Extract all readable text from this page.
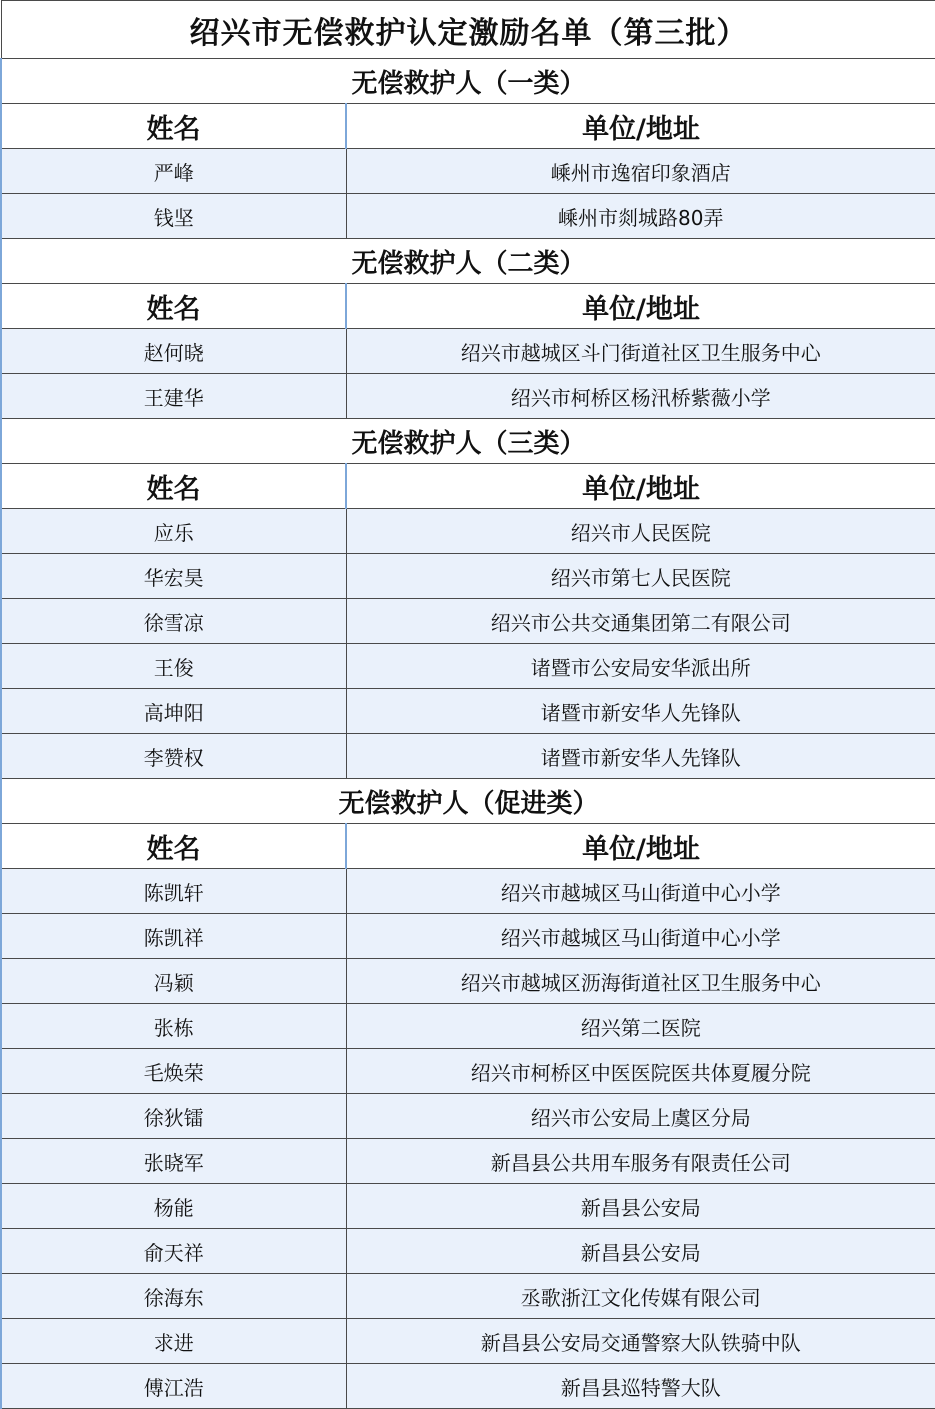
绍兴市无偿救护认定激励名单（第三批）	
无偿救护人（一类）	
姓名	单位/地址
严峰	嵊州市逸宿印象酒店
钱坚	嵊州市剡城路80弄
无偿救护人（二类）	
姓名	单位/地址
赵何晓	绍兴市越城区斗门街道社区卫生服务中心
王建华	绍兴市柯桥区杨汛桥紫薇小学
无偿救护人（三类）	
姓名	单位/地址
应乐	绍兴市人民医院
华宏昊	绍兴市第七人民医院
徐雪凉	绍兴市公共交通集团第二有限公司
王俊	诸暨市公安局安华派出所
高坤阳	诸暨市新安华人先锋队
李赞权	诸暨市新安华人先锋队
无偿救护人（促进类）	
姓名	单位/地址
陈凯轩	绍兴市越城区马山街道中心小学
陈凯祥	绍兴市越城区马山街道中心小学
冯颖	绍兴市越城区沥海街道社区卫生服务中心
张栋	绍兴第二医院
毛焕荣	绍兴市柯桥区中医医院医共体夏履分院
徐狄镭	绍兴市公安局上虞区分局
张晓军	新昌县公共用车服务有限责任公司
杨能	新昌县公安局
俞天祥	新昌县公安局
徐海东	丞歌浙江文化传媒有限公司
求进	新昌县公安局交通警察大队铁骑中队
傅江浩	新昌县巡特警大队
